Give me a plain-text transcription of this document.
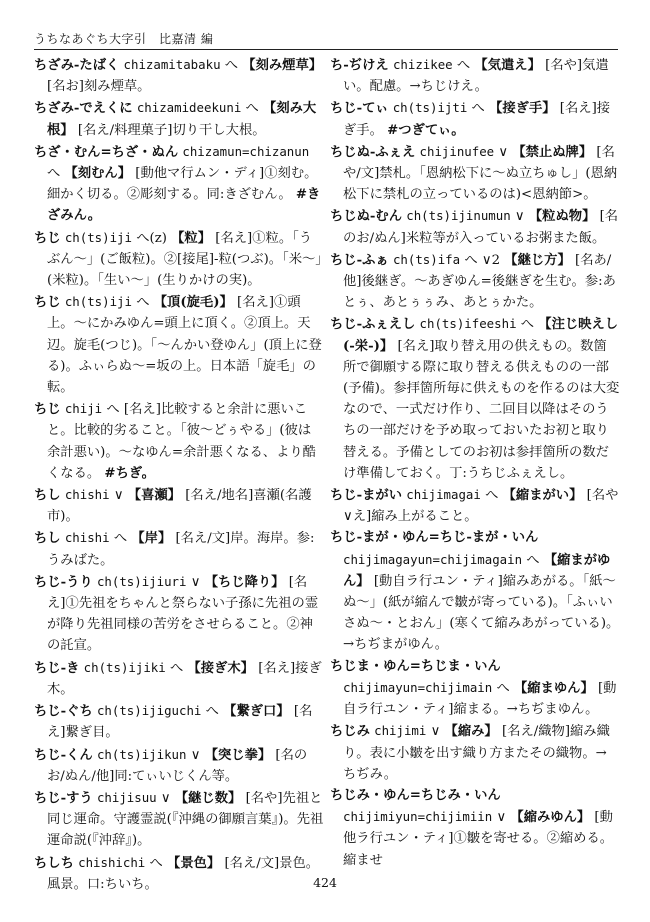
うちなあぐち大字引　比嘉清 編

ちざみ-たばく chizamitabaku へ 【刻み煙草】 [名お]刻み煙草。

ちざみ-でえくに chizamideekuni へ 【刻み大根】 [名え/料理菓子]切り干し大根。

ちざ・むん=ちざ・ぬん chizamun=chizanun へ 【刻むん】 [動他マ行ムン・ディ]①刻む。細かく切る。②彫刻する。同:きざむん。 #きざみん。

ちじ ch(ts)iji へ(z) 【粒】 [名え]①粒。「うぶん〜」(ご飯粒)。②[接尾]-粒(つぶ)。「米〜」(米粒)。「生い〜」(生りかけの実)。

ちじ ch(ts)iji へ 【頂(旋毛)】 [名え]①頭上。〜にかみゆん=頭上に頂く。②頂上。天辺。旋毛(つじ)。「〜んかい登ゆん」(頂上に登る)。ふぃらぬ〜=坂の上。日本語「旋毛」の転。

ちじ chiji へ [名え]比較すると余計に悪いこと。比較的劣ること。「彼〜どぅやる」(彼は余計悪い)。〜なゆん=余計悪くなる、より酷くなる。 #ちぎ。

ちし chishi ∨ 【喜瀬】 [名え/地名]喜瀬(名護市)。

ちし chishi へ 【岸】 [名え/文]岸。海岸。参:うみばた。

ちじ-うり ch(ts)ijiuri ∨ 【ちじ降り】 [名え]①先祖をちゃんと祭らない子孫に先祖の霊が降り先祖同様の苦労をさせらること。②神の託宣。

ちじ-き ch(ts)ijiki へ 【接ぎ木】 [名え]接ぎ木。

ちじ-ぐち ch(ts)ijiguchi へ 【繋ぎ口】 [名え]繋ぎ目。

ちじ-くん ch(ts)ijikun ∨ 【突じ拳】 [名のお/ぬん/他]同:てぃいじくん等。

ちじ-すう chijisuu ∨ 【継じ数】 [名や]先祖と同じ運命。守護霊説(『沖縄の御願言葉』)。先祖運命説(『沖辞』)。

ちしち chishichi へ 【景色】 [名え/文]景色。風景。口:ちいち。

ち-ぢけえ chizikee へ 【気遣え】 [名や]気遣い。配慮。→ちじけえ。

ちじ-てぃ ch(ts)ijti へ 【接ぎ手】 [名え]接ぎ手。 #つぎてぃ。

ちじぬ-ふぇえ chijinufee ∨ 【禁止ぬ牌】 [名や/文]禁札。「恩納松下に〜ぬ立ちゅし」(恩納松下に禁札の立っているのは)<恩納節>。

ちじぬ-むん ch(ts)ijinumun ∨ 【粒ぬ物】 [名のお/ぬん]米粒等が入っているお粥また飯。

ちじ-ふぁ ch(ts)ifa へ ∨2 【継じ方】 [名あ/他]後継ぎ。〜あぎゆん=後継ぎを生む。参:あとぅ、あとぅぅみ、あとぅかた。

ちじ-ふぇえし ch(ts)ifeeshi へ 【注じ映えし(-栄-)】 [名え]取り替え用の供えもの。数箇所で御願する際に取り替える供えものの一部(予備)。参拝箇所毎に供えものを作るのは大変なので、一式だけ作り、二回目以降はそのうちの一部だけを予め取っておいたお初と取り替える。予備としてのお初は参拝箇所の数だけ準備しておく。丁:うちじふぇえし。

ちじ-まがい chijimagai へ 【縮まがい】 [名や∨え]縮み上がること。

ちじ-まが・ゆん=ちじ-まが・いん chijimagayun=chijimagain へ 【縮まがゆん】 [動自ラ行ユン・ティ]縮みあがる。「紙〜ぬ〜」(紙が縮んで皺が寄っている)。「ふぃいさぬ〜・とおん」(寒くて縮みあがっている)。→ちぢまがゆん。

ちじま・ゆん=ちじま・いん chijimayun=chijimain へ 【縮まゆん】 [動自ラ行ユン・ティ]縮まる。→ちぢまゆん。

ちじみ chijimi ∨ 【縮み】 [名え/織物]縮み織り。表に小皺を出す織り方またその織物。→ちぢみ。

ちじみ・ゆん=ちじみ・いん chijimiyun=chijimiin ∨ 【縮みゆん】 [動他ラ行ユン・ティ]①皺を寄せる。②縮める。縮ませ

424
